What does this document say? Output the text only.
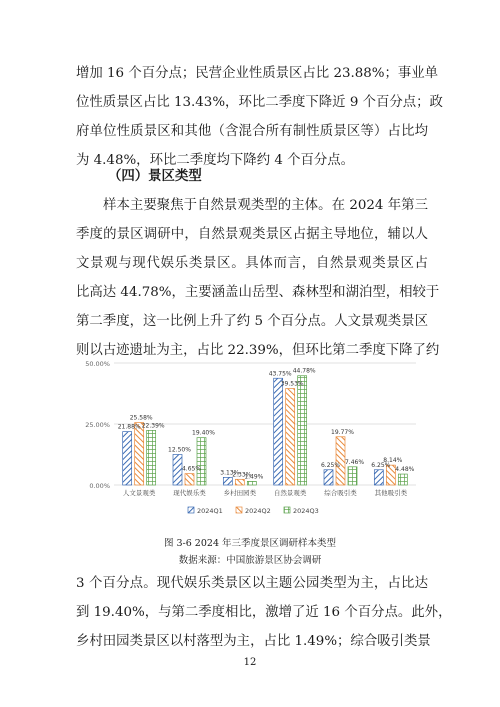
增加 16 个百分点；民营企业性质景区占比 23.88%；事业单
位性质景区占比 13.43%，环比二季度下降近 9 个百分点；政
府单位性质景区和其他（含混合所有制性质景区等）占比均
为 4.48%，环比二季度均下降约 4 个百分点。
（四）景区类型
样本主要聚焦于自然景观类型的主体。在 2024 年第三
季度的景区调研中，自然景观类景区占据主导地位，辅以人
文景观与现代娱乐类景区。具体而言，自然景观类景区占
比高达 44.78%，主要涵盖山岳型、森林型和湖泊型，相较于
第二季度，这一比例上升了约 5 个百分点。人文景观类景区
则以古迹遗址为主，占比 22.39%，但环比第二季度下降了约
0.00%
25.00%
50.00%
21.88%
25.58%
22.39%
12.50%
4.65%
19.40%
3.13%
2.33%
1.49%
43.75%
39.53%
44.78%
6.25%
19.77%
7.46% 6.25%
8.14%
4.48%
人文景观类	现代娱乐类	乡村田园类	自然景观类	综合吸引类	其他吸引类
2024Q1	2024Q2	2024Q3
图 3-6 2024 年三季度景区调研样本类型
数据来源：中国旅游景区协会调研
3 个百分点。现代娱乐类景区以主题公园类型为主，占比达
到 19.40%，与第二季度相比，激增了近 16 个百分点。此外，
乡村田园类景区以村落型为主，占比 1.49%；综合吸引类景
12
